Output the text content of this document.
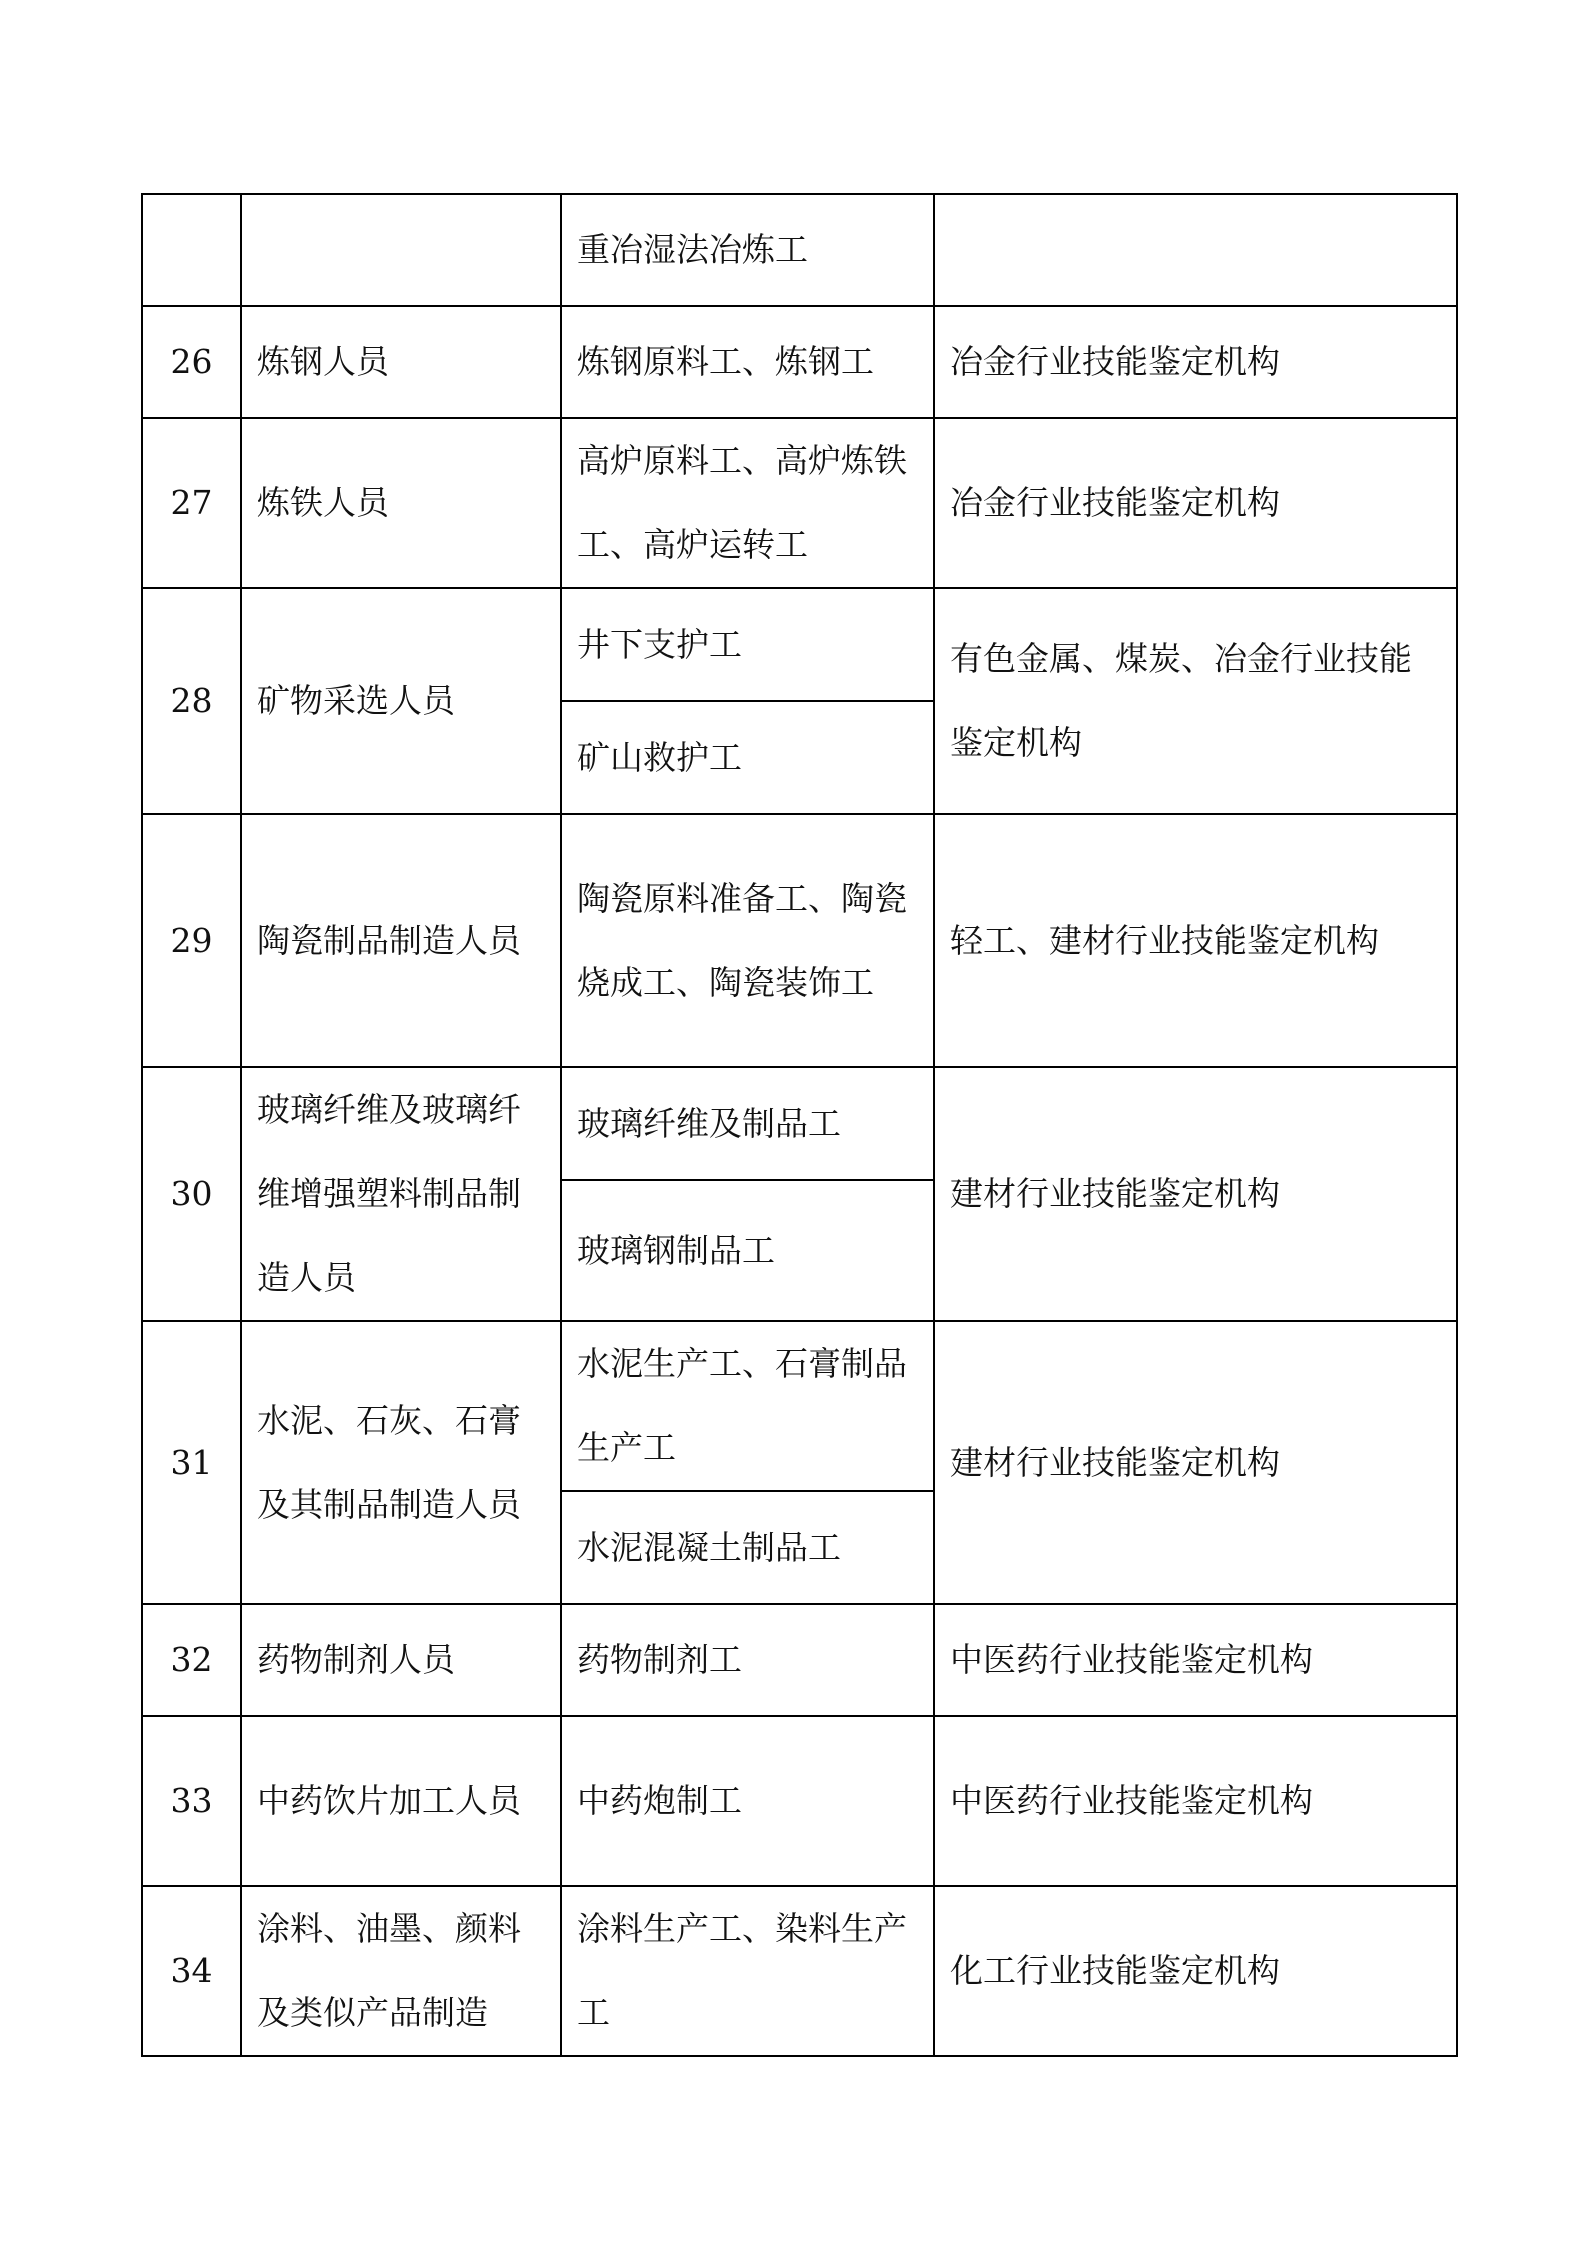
		重冶湿法冶炼工	
26	炼钢人员	炼钢原料工、炼钢工	冶金行业技能鉴定机构
27	炼铁人员	高炉原料工、高炉炼铁工、高炉运转工	冶金行业技能鉴定机构
28	矿物采选人员	井下支护工	有色金属、煤炭、冶金行业技能鉴定机构
		矿山救护工	
29	陶瓷制品制造人员	陶瓷原料准备工、陶瓷烧成工、陶瓷装饰工	轻工、建材行业技能鉴定机构
30	玻璃纤维及玻璃纤维增强塑料制品制造人员	玻璃纤维及制品工	建材行业技能鉴定机构
		玻璃钢制品工	
31	水泥、石灰、石膏及其制品制造人员	水泥生产工、石膏制品生产工	建材行业技能鉴定机构
		水泥混凝土制品工	
32	药物制剂人员	药物制剂工	中医药行业技能鉴定机构
33	中药饮片加工人员	中药炮制工	中医药行业技能鉴定机构
34	涂料、油墨、颜料及类似产品制造	涂料生产工、染料生产工	化工行业技能鉴定机构
